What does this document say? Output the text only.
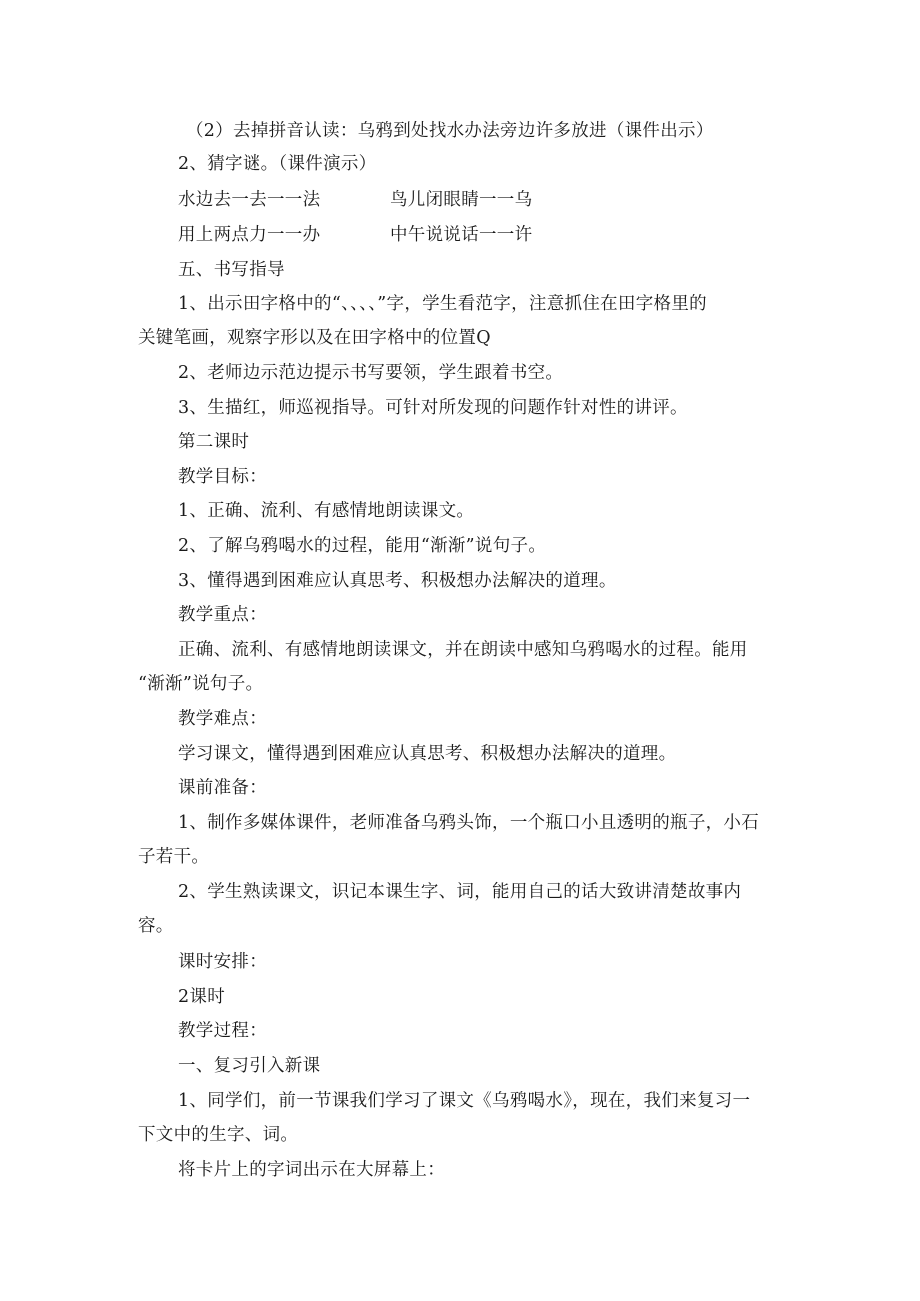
（2）去掉拼音认读：乌鸦到处找水办法旁边许多放进（课件出示）
2、猜字谜。（课件演示）
水边去一去一一法	鸟儿闭眼睛一一乌
用上两点力一一办	中午说说话一一许
五、书写指导
1、出示田字格中的“、、、、”字，学生看范字，注意抓住在田字格里的
关键笔画，观察字形以及在田字格中的位置Q
2、老师边示范边提示书写要领，学生跟着书空。
3、生描红，师巡视指导。可针对所发现的问题作针对性的讲评。
第二课时
教学目标：
1、正确、流利、有感情地朗读课文。
2、了解乌鸦喝水的过程，能用“渐渐”说句子。
3、懂得遇到困难应认真思考、积极想办法解决的道理。
教学重点：
正确、流利、有感情地朗读课文，并在朗读中感知乌鸦喝水的过程。能用
“渐渐”说句子。
教学难点：
学习课文，懂得遇到困难应认真思考、积极想办法解决的道理。
课前准备：
1、制作多媒体课件，老师准备乌鸦头饰，一个瓶口小且透明的瓶子，小石
子若干。
2、学生熟读课文，识记本课生字、词，能用自己的话大致讲清楚故事内
容。
课时安排：
2课时
教学过程：
一、复习引入新课
1、同学们，前一节课我们学习了课文《乌鸦喝水》，现在，我们来复习一
下文中的生字、词。
将卡片上的字词出示在大屏幕上：
